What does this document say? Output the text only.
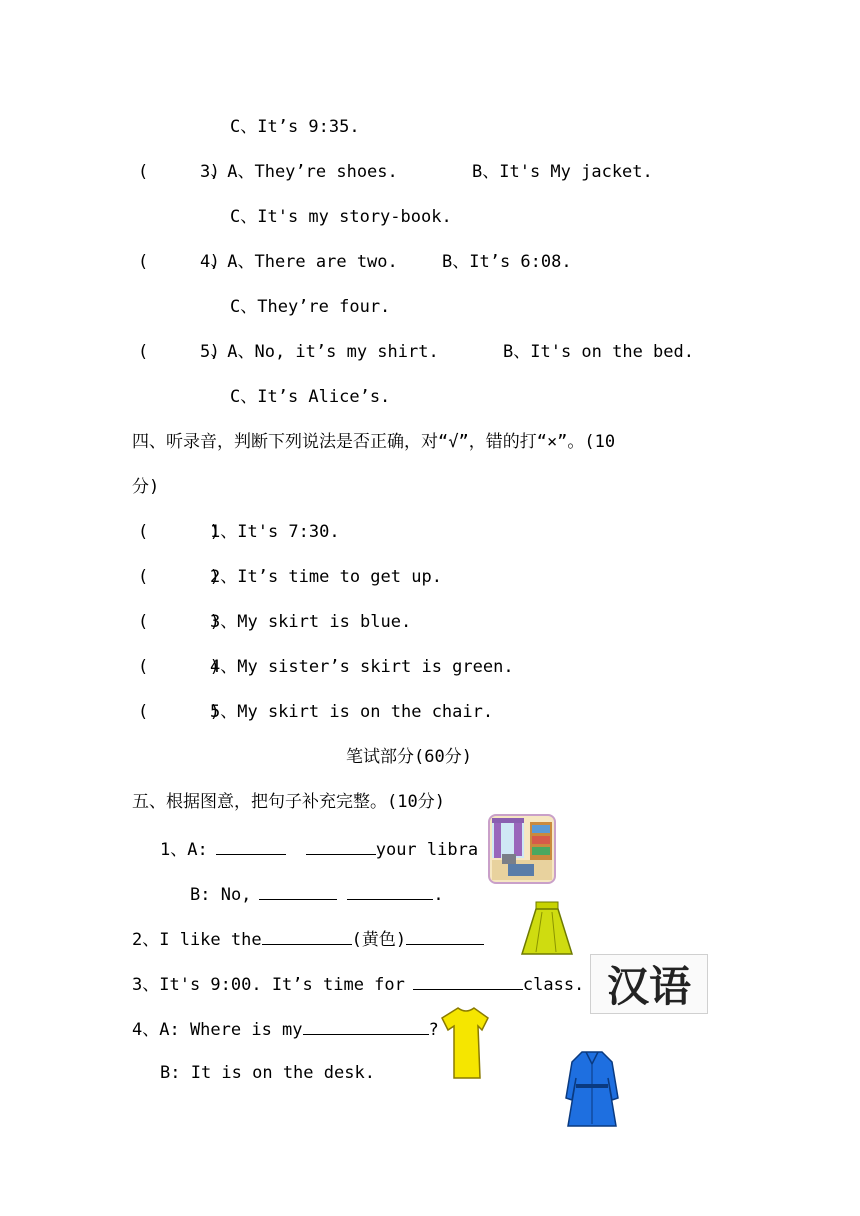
C、It’s 9:35.
(      )
3、A、They’re shoes.	B、It's My jacket.
C、It's my story-book.
(      )
4、A、There are two.	B、It’s 6:08.
C、They’re four.
(      )
5、A、No, it’s my shirt.	B、It's on the bed.
C、It’s Alice’s.
四、听录音，判断下列说法是否正确，对“√”，错的打“×”。(10
分)
(      )
1、It's 7:30.
(      )
2、It’s time to get up.
(      )
3、My skirt is blue.
(      )
4、My sister’s skirt is green.
(      )
5、My skirt is on the chair.
笔试部分(60分)
五、根据图意，把句子补充完整。(10分)
1、A:	your libra
B: No,	.
2、I like the	(黄色)
3、It's 9:00. It’s time for	class.
4、A: Where is my	?
B: It is on the desk.
汉语
